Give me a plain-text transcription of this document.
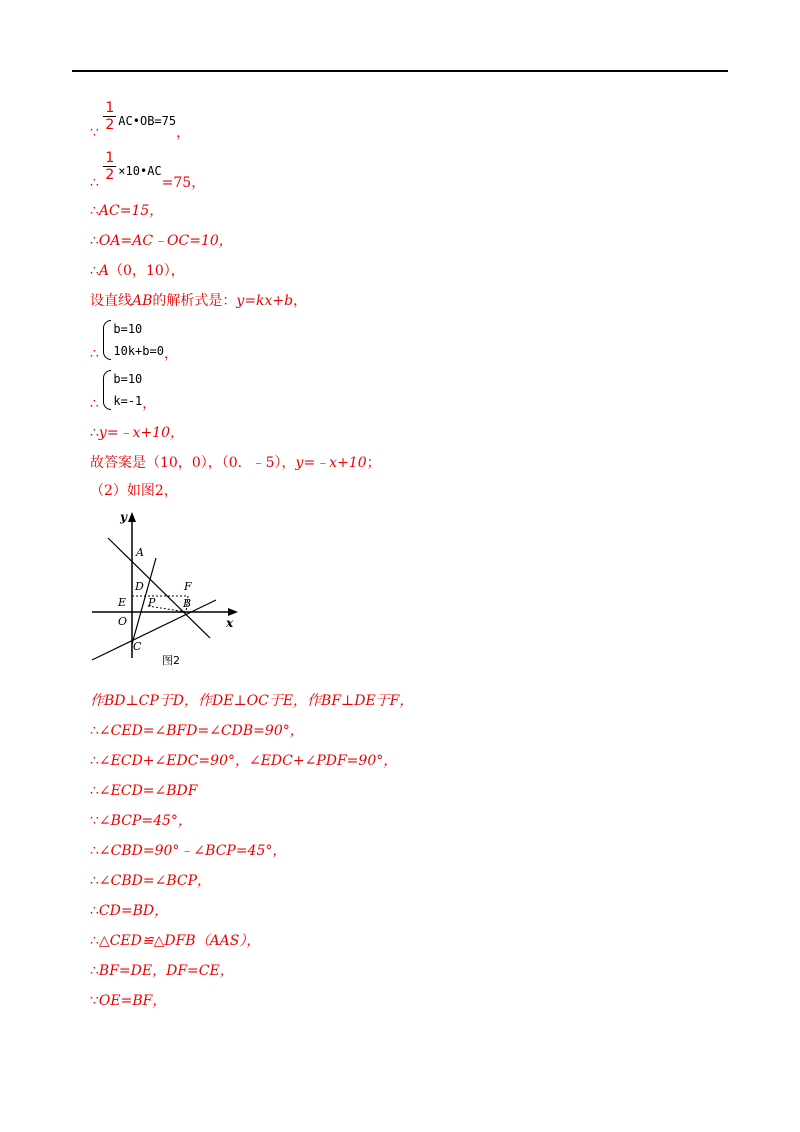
∵ $\frac{1}{2}$ AC•OB=75，
∴ $\frac{1}{2}$ ×10•AC=75，
∴AC=15，
∴OA=AC﹣OC=10，
∴A（0，10），
设直线AB的解析式是：y=kx+b，
∴
b=10
10k+b=0 ，
∴
b=10
k=-1 ，
∴y=﹣x+10，
故答案是（10，0），（0．﹣5），y=﹣x+10；
（2）如图2，
y
x
A
D	F
E P	B
O
C
图2
作BD⊥CP于D，作DE⊥OC于E，作BF⊥DE于F，
∴∠CED=∠BFD=∠CDB=90°，
∴∠ECD+∠EDC=90°，∠EDC+∠PDF=90°，
∴∠ECD=∠BDF
∵∠BCP=45°，
∴∠CBD=90°﹣∠BCP=45°，
∴∠CBD=∠BCP，
∴CD=BD，
∴△CED≌△DFB（AAS），
∴BF=DE，DF=CE，
∵OE=BF，
